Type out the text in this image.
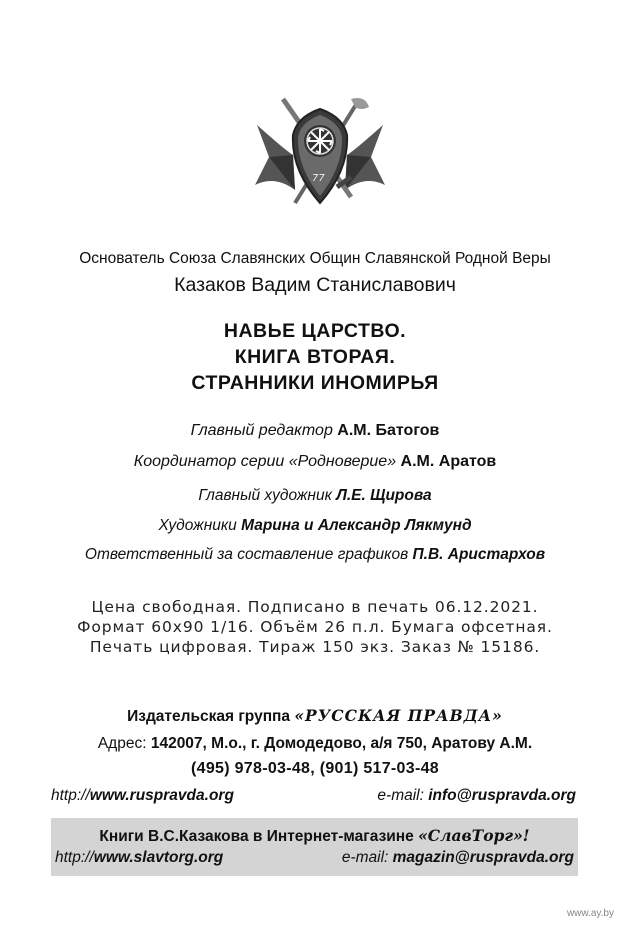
77
Основатель Союза Славянских Общин Славянской Родной Веры
Казаков Вадим Станиславович
НАВЬЕ ЦАРСТВО.
КНИГА ВТОРАЯ.
СТРАННИКИ ИНОМИРЬЯ
Главный редактор А.М. Батогов
Координатор серии «Родноверие» А.М. Аратов
Главный художник Л.Е. Щирова
Художники Марина и Александр Лякмунд
Ответственный за составление графиков П.В. Аристархов
Цена свободная. Подписано в печать 06.12.2021.
Формат 60х90 1/16. Объём 26 п.л. Бумага офсетная.
Печать цифровая. Тираж 150 экз. Заказ № 15186.
Издательская группа «РУССКАЯ ПРАВДА»
Адрес: 142007, М.о., г. Домодедово, а/я 750, Аратову А.М.
(495) 978-03-48, (901) 517-03-48
http://www.ruspravda.org	e-mail: info@ruspravda.org
Книги В.С.Казакова в Интернет-магазине «СлавТорг»!
http://www.slavtorg.org	e-mail: magazin@ruspravda.org
www.ay.by
